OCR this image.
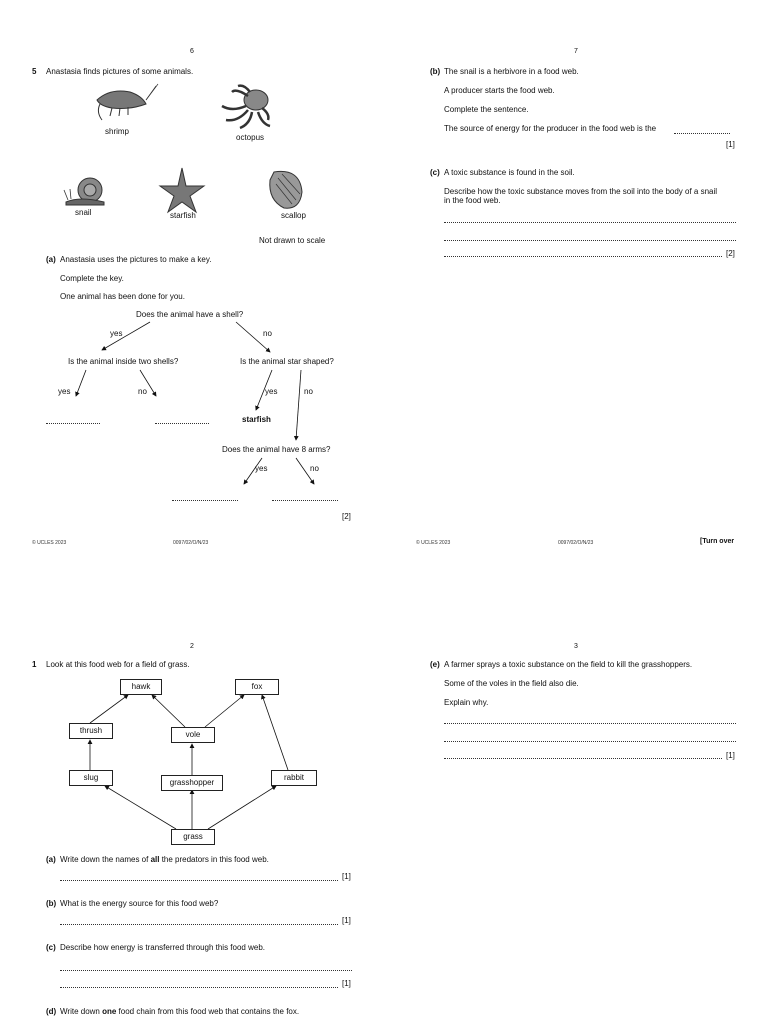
6
5 Anastasia finds pictures of some animals.
shrimp
octopus
snail	starfish	scallop
Not drawn to scale
(a) Anastasia uses the pictures to make a key.
Complete the key.
One animal has been done for you.
Does the animal have a shell?
yes	no
Is the animal inside two shells?	Is the animal star shaped?
yes	no	yes	no
starfish
Does the animal have 8 arms?
yes	no
[2]
© UCLES 2023	0097/02/O/N/23
7
(b) The snail is a herbivore in a food web.
A producer starts the food web.
Complete the sentence.
The source of energy for the producer in the food web is the
[1]
(c) A toxic substance is found in the soil.
Describe how the toxic substance moves from the soil into the body of a snail
in the food web.
[2]
© UCLES 2023	0097/02/O/N/23	[Turn over
2
1 Look at this food web for a field of grass.
hawk	fox
thrush	vole
slug
grasshopper
rabbit
grass
(a) Write down the names of all the predators in this food web.
[1]
(b) What is the energy source for this food web?
[1]
(c) Describe how energy is transferred through this food web.
[1]
(d) Write down one food chain from this food web that contains the fox.
3
(e) A farmer sprays a toxic substance on the field to kill the grasshoppers.
Some of the voles in the field also die.
Explain why.
[1]
